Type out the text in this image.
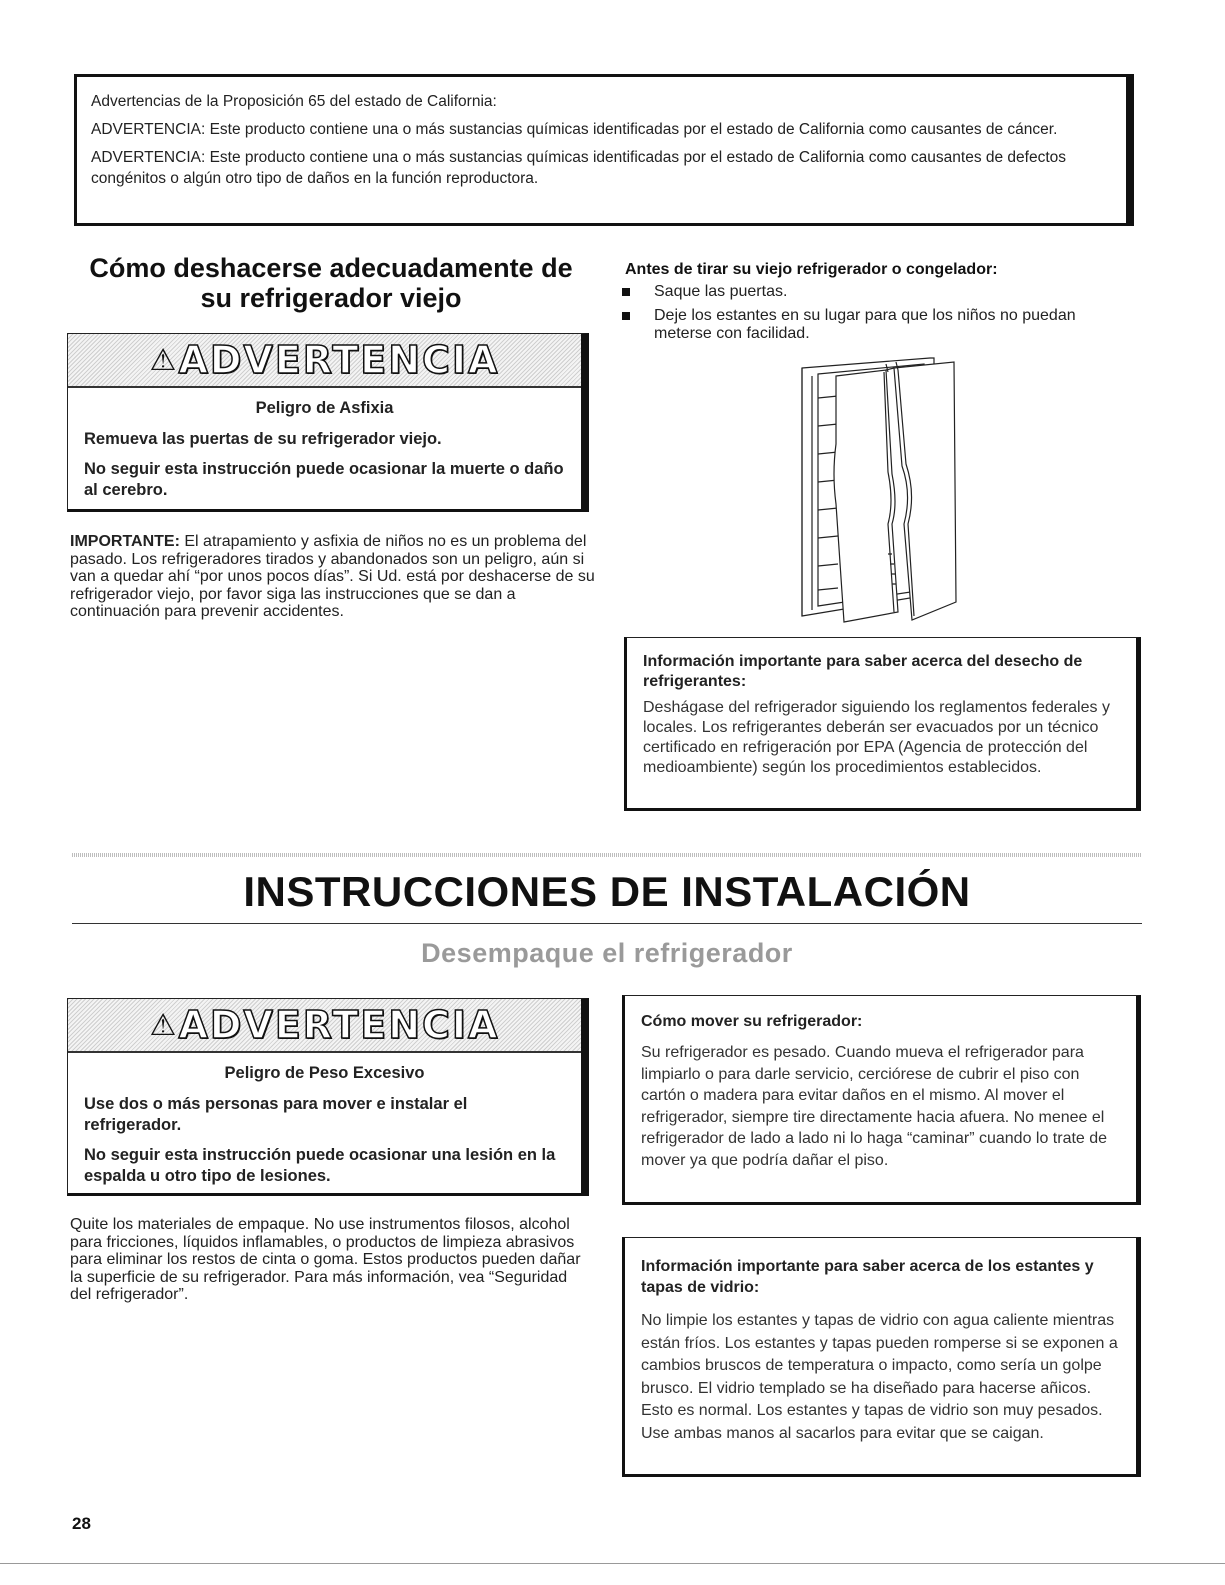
Advertencias de la Proposición 65 del estado de California:

ADVERTENCIA: Este producto contiene una o más sustancias químicas identificadas por el estado de California como causantes de cáncer.

ADVERTENCIA: Este producto contiene una o más sustancias químicas identificadas por el estado de California como causantes de defectos congénitos o algún otro tipo de daños en la función reproductora.

Cómo deshacerse adecuadamente de su refrigerador viejo
⚠ ADVERTENCIA

Peligro de Asfixia

Remueva las puertas de su refrigerador viejo.

No seguir esta instrucción puede ocasionar la muerte o daño al cerebro.

IMPORTANTE: El atrapamiento y asfixia de niños no es un problema del pasado. Los refrigeradores tirados y abandonados son un peligro, aún si van a quedar ahí “por unos pocos días”. Si Ud. está por deshacerse de su refrigerador viejo, por favor siga las instrucciones que se dan a continuación para prevenir accidentes.
Antes de tirar su viejo refrigerador o congelador:
Saque las puertas.
Deje los estantes en su lugar para que los niños no puedan meterse con facilidad.

Información importante para saber acerca del desecho de refrigerantes:

Deshágase del refrigerador siguiendo los reglamentos federales y locales. Los refrigerantes deberán ser evacuados por un técnico certificado en refrigeración por EPA (Agencia de protección del medioambiente) según los procedimientos establecidos.

INSTRUCCIONES DE INSTALACIÓN
Desempaque el refrigerador
⚠ ADVERTENCIA

Peligro de Peso Excesivo

Use dos o más personas para mover e instalar el refrigerador.

No seguir esta instrucción puede ocasionar una lesión en la espalda u otro tipo de lesiones.

Quite los materiales de empaque. No use instrumentos filosos, alcohol para fricciones, líquidos inflamables, o productos de limpieza abrasivos para eliminar los restos de cinta o goma. Estos productos pueden dañar la superficie de su refrigerador. Para más información, vea “Seguridad del refrigerador”.

Cómo mover su refrigerador:

Su refrigerador es pesado. Cuando mueva el refrigerador para limpiarlo o para darle servicio, cerciórese de cubrir el piso con cartón o madera para evitar daños en el mismo. Al mover el refrigerador, siempre tire directamente hacia afuera. No menee el refrigerador de lado a lado ni lo haga “caminar” cuando lo trate de mover ya que podría dañar el piso.

Información importante para saber acerca de los estantes y tapas de vidrio:

No limpie los estantes y tapas de vidrio con agua caliente mientras están fríos. Los estantes y tapas pueden romperse si se exponen a cambios bruscos de temperatura o impacto, como sería un golpe brusco. El vidrio templado se ha diseñado para hacerse añicos. Esto es normal. Los estantes y tapas de vidrio son muy pesados. Use ambas manos al sacarlos para evitar que se caigan.

28
